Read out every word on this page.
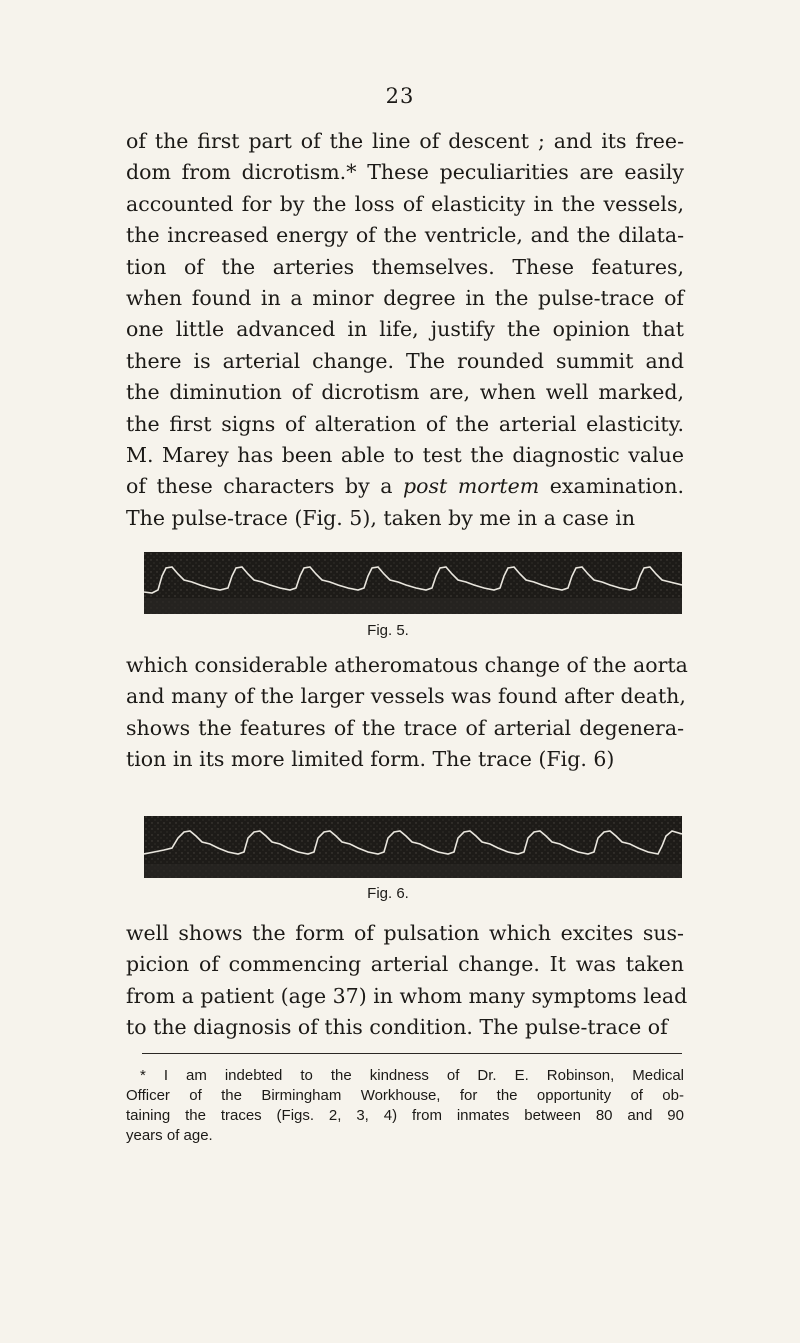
23

of the first part of the line of descent ; and its free-
dom from dicrotism.* These peculiarities are easily
accounted for by the loss of elasticity in the vessels,
the increased energy of the ventricle, and the dilata-
tion of the arteries themselves. These features,
when found in a minor degree in the pulse-trace of
one little advanced in life, justify the opinion that
there is arterial change. The rounded summit and
the diminution of dicrotism are, when well marked,
the first signs of alteration of the arterial elasticity.
M. Marey has been able to test the diagnostic value
of these characters by a post mortem examination.
The pulse-trace (Fig. 5), taken by me in a case in

Fig. 5.

which considerable atheromatous change of the aorta
and many of the larger vessels was found after death,
shows the features of the trace of arterial degenera-
tion in its more limited form. The trace (Fig. 6)

Fig. 6.

well shows the form of pulsation which excites sus-
picion of commencing arterial change. It was taken
from a patient (age 37) in whom many symptoms lead
to the diagnosis of this condition. The pulse-trace of

* I am indebted to the kindness of Dr. E. Robinson, Medical
Officer of the Birmingham Workhouse, for the opportunity of ob-
taining the traces (Figs. 2, 3, 4) from inmates between 80 and 90
years of age.
